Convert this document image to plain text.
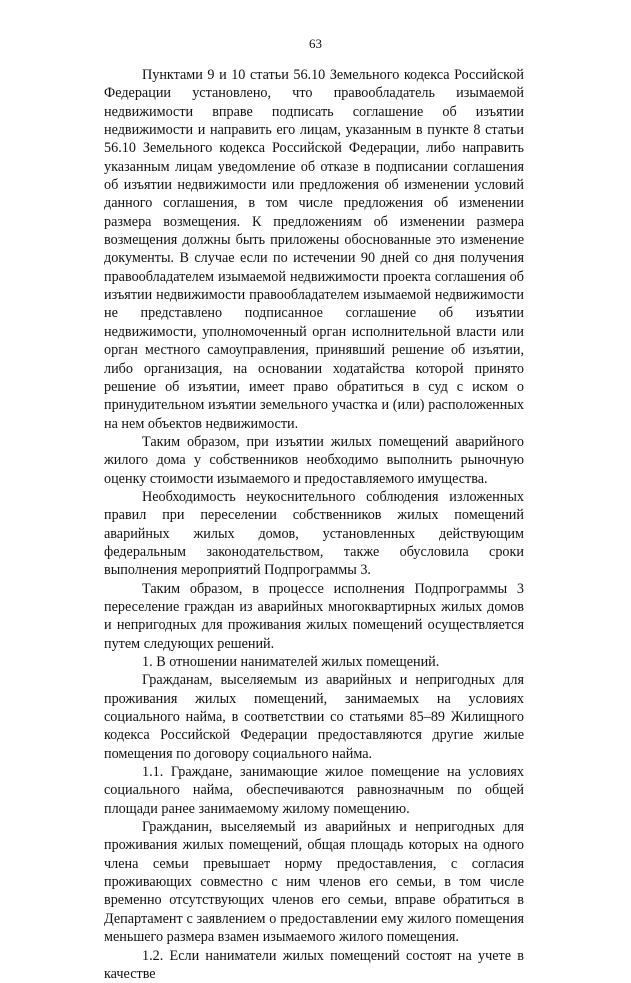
63

Пунктами 9 и 10 статьи 56.10 Земельного кодекса Российской Федерации установлено, что правообладатель изымаемой недвижимости вправе подписать соглашение об изъятии недвижимости и направить его лицам, указанным в пункте 8 статьи 56.10 Земельного кодекса Российской Федерации, либо направить указанным лицам уведомление об отказе в подписании соглашения об изъятии недвижимости или предложения об изменении условий данного соглашения, в том числе предложения об изменении размера возмещения. К предложениям об изменении размера возмещения должны быть приложены обоснованные это изменение документы. В случае если по истечении 90 дней со дня получения правообладателем изымаемой недвижимости проекта соглашения об изъятии недвижимости правообладателем изымаемой недвижимости не представлено подписанное соглашение об изъятии недвижимости, уполномоченный орган исполнительной власти или орган местного самоуправления, принявший решение об изъятии, либо организация, на основании ходатайства которой принято решение об изъятии, имеет право обратиться в суд с иском о принудительном изъятии земельного участка и (или) расположенных на нем объектов недвижимости.

Таким образом, при изъятии жилых помещений аварийного жилого дома у собственников необходимо выполнить рыночную оценку стоимости изымаемого и предоставляемого имущества.

Необходимость неукоснительного соблюдения изложенных правил при переселении собственников жилых помещений аварийных жилых домов, установленных действующим федеральным законодательством, также обусловила сроки выполнения мероприятий Подпрограммы 3.

Таким образом, в процессе исполнения Подпрограммы 3 переселение граждан из аварийных многоквартирных жилых домов и непригодных для проживания жилых помещений осуществляется путем следующих решений.

1. В отношении нанимателей жилых помещений.

Гражданам, выселяемым из аварийных и непригодных для проживания жилых помещений, занимаемых на условиях социального найма, в соответствии со статьями 85–89 Жилищного кодекса Российской Федерации предоставляются другие жилые помещения по договору социального найма.

1.1. Граждане, занимающие жилое помещение на условиях социального найма, обеспечиваются равнозначным по общей площади ранее занимаемому жилому помещению.

Гражданин, выселяемый из аварийных и непригодных для проживания жилых помещений, общая площадь которых на одного члена семьи превышает норму предоставления, с согласия проживающих совместно с ним членов его семьи, в том числе временно отсутствующих членов его семьи, вправе обратиться в Департамент с заявлением о предоставлении ему жилого помещения меньшего размера взамен изымаемого жилого помещения.

1.2. Если наниматели жилых помещений состоят на учете в качестве
